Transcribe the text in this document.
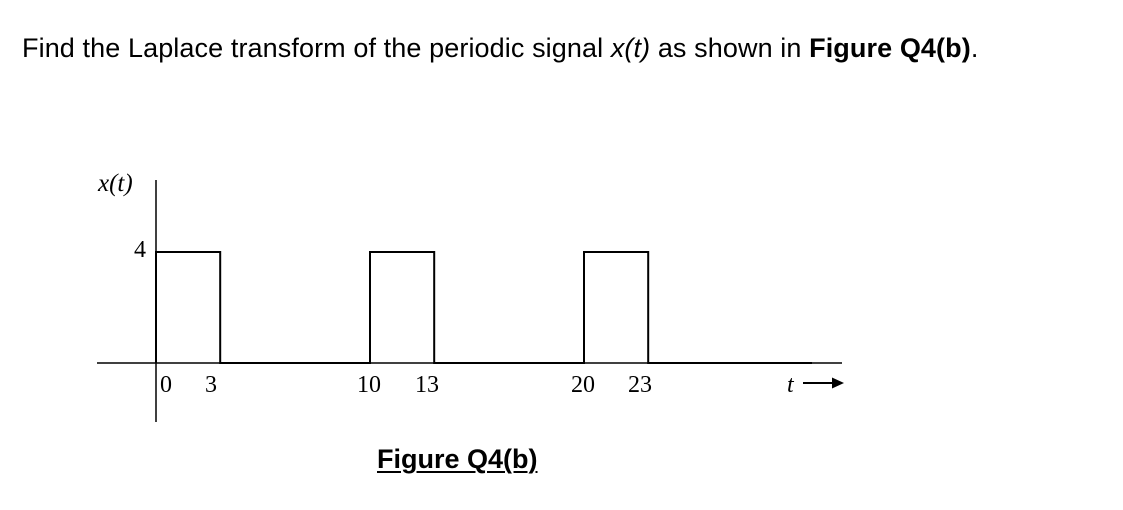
Find the Laplace transform of the periodic signal x(t) as shown in Figure Q4(b).
x(t)
4
0 3	10 13	20 23	t
Figure Q4(b)
